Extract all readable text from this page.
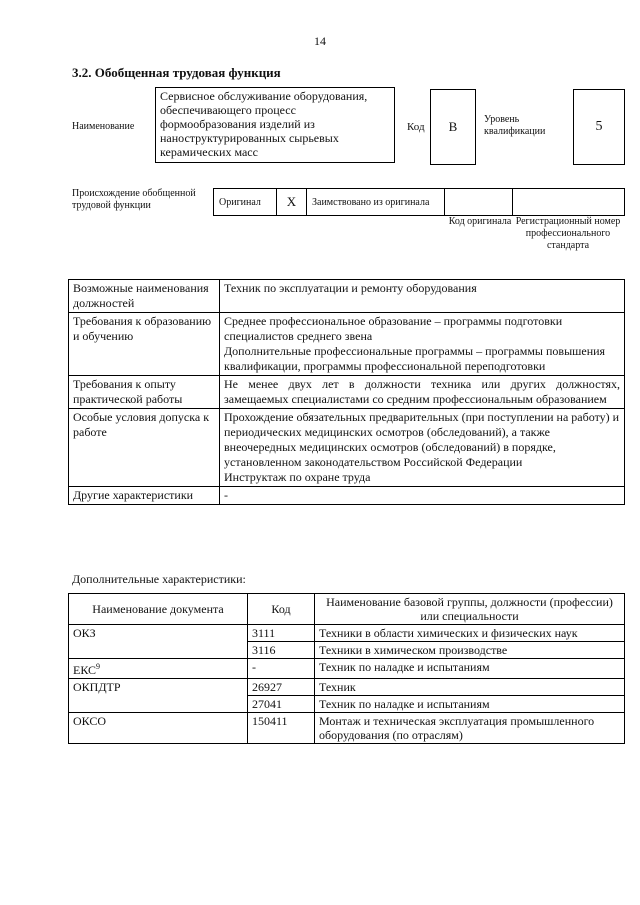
14
3.2. Обобщенная трудовая функция
Наименование
Сервисное обслуживание оборудования, обеспечивающего процесс формообразования изделий из наноструктурированных сырьевых керамических масс
Код	B	Уровень квалификации	5
Происхождение обобщенной трудовой функции	Оригинал	X	Заимствовано из оригинала
Код оригинала Регистрационный номер профессионального стандарта
Возможные наименования должностей	Техник по эксплуатации и ремонту оборудования

Требования к образованию и обучению	Среднее профессиональное образование – программы подготовки специалистов среднего звена
Дополнительные профессиональные программы – программы повышения квалификации, программы профессиональной переподготовки

Требования к опыту практической работы	Не менее двух лет в должности техника или других должностях, замещаемых специалистами со средним профессиональным образованием

Особые условия допуска к работе	Прохождение обязательных предварительных (при поступлении на работу) и периодических медицинских осмотров (обследований), а также внеочередных медицинских осмотров (обследований) в порядке, установленном законодательством Российской Федерации
Инструктаж по охране труда

Другие характеристики	-
Дополнительные характеристики:
Наименование документа	Код	Наименование базовой группы, должности (профессии) или специальности
ОКЗ	3111	Техники в области химических и физических наук
	3116	Техники в химическом производстве
ЕКС$^9$	-	Техник по наладке и испытаниям
ОКПДТР	26927	Техник
	27041	Техник по наладке и испытаниям
ОКСО	150411	Монтаж и техническая эксплуатация промышленного оборудования (по отраслям)
